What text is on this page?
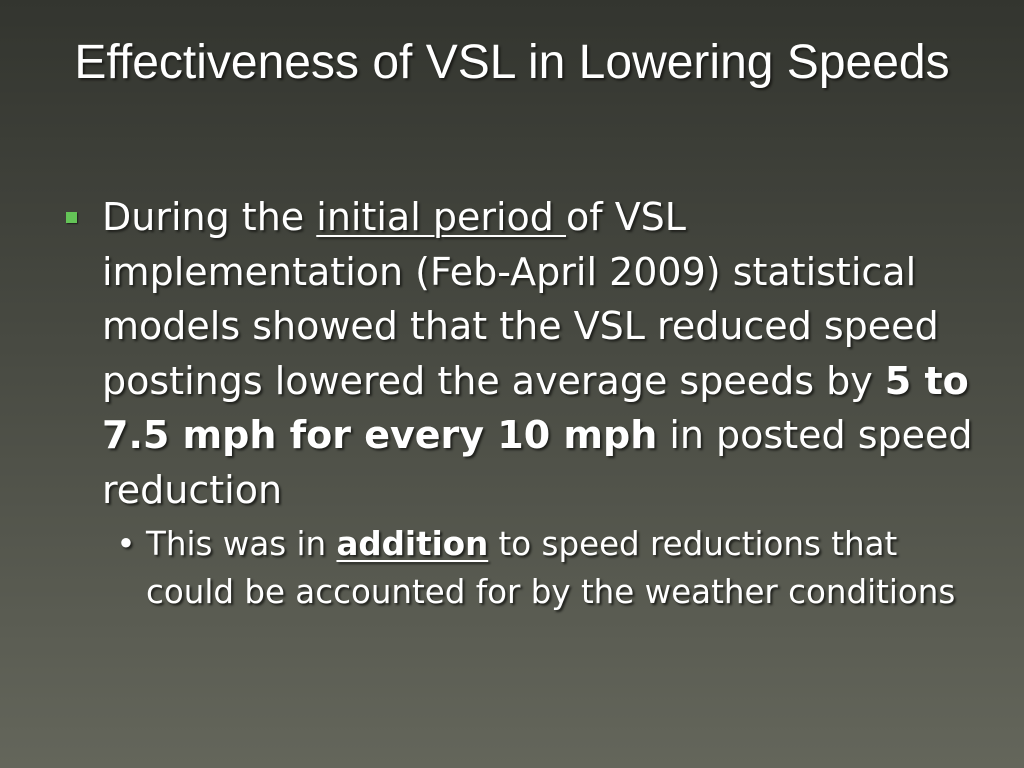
Effectiveness of VSL in Lowering Speeds
During the initial period of VSL implementation (Feb-April 2009) statistical models showed that the VSL reduced speed postings lowered the average speeds by 5 to 7.5 mph for every 10 mph in posted speed reduction
• This was in addition to speed reductions that could be accounted for by the weather conditions
